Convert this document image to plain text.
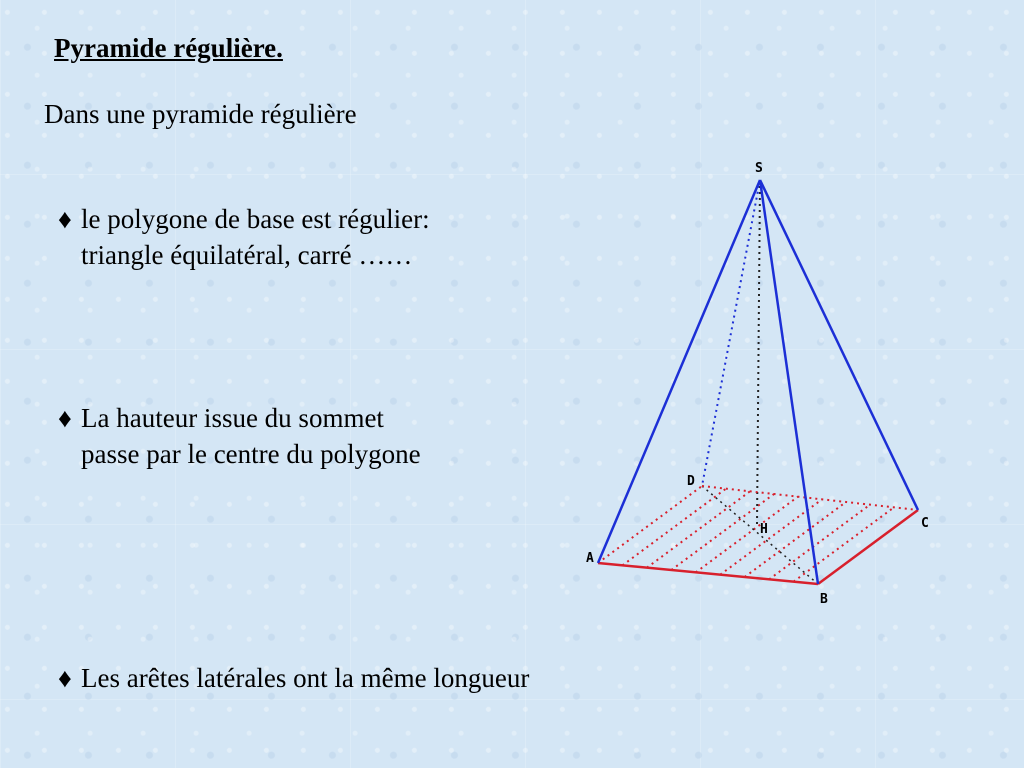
Pyramide régulière.
Dans une pyramide régulière
♦ le polygone de base est régulier:
triangle équilatéral, carré ……
♦ La hauteur issue du sommet
passe par le centre du polygone
♦ Les arêtes latérales ont la même longueur
S
A
B
C
D
H
